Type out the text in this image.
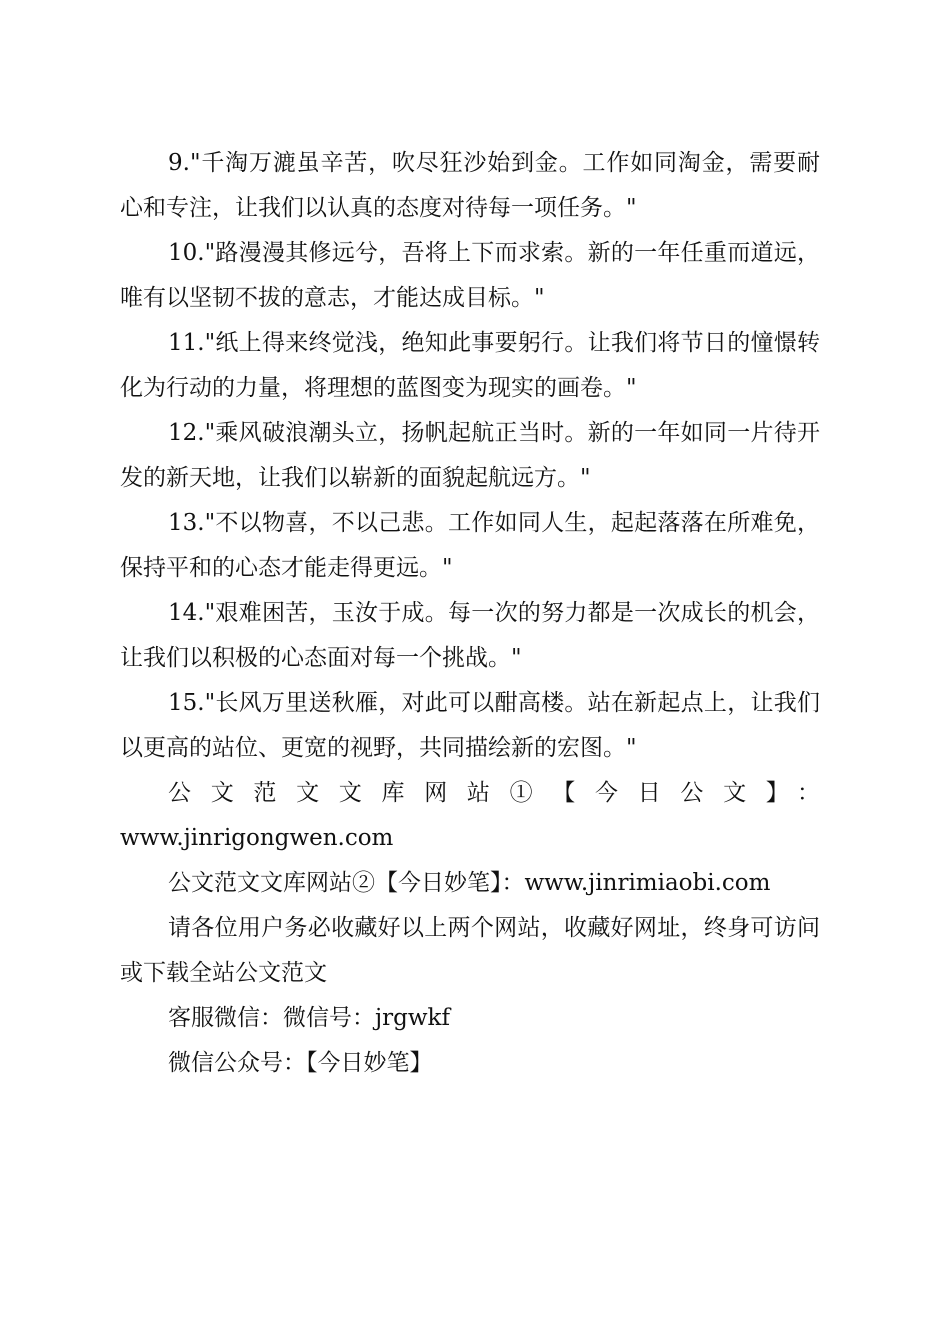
9."千淘万漉虽辛苦，吹尽狂沙始到金。工作如同淘金，需要耐心和专注，让我们以认真的态度对待每一项任务。"

10."路漫漫其修远兮，吾将上下而求索。新的一年任重而道远，唯有以坚韧不拔的意志，才能达成目标。"

11."纸上得来终觉浅，绝知此事要躬行。让我们将节日的憧憬转化为行动的力量，将理想的蓝图变为现实的画卷。"

12."乘风破浪潮头立，扬帆起航正当时。新的一年如同一片待开发的新天地，让我们以崭新的面貌起航远方。"

13."不以物喜，不以己悲。工作如同人生，起起落落在所难免，保持平和的心态才能走得更远。"

14."艰难困苦，玉汝于成。每一次的努力都是一次成长的机会，让我们以积极的心态面对每一个挑战。"

15."长风万里送秋雁，对此可以酣高楼。站在新起点上，让我们以更高的站位、更宽的视野，共同描绘新的宏图。"

公文范文文库网站①【今日公文】：

www.jinrigongwen.com

公文范文文库网站②【今日妙笔】：www.jinrimiaobi.com

请各位用户务必收藏好以上两个网站，收藏好网址，终身可访问或下载全站公文范文

客服微信：微信号：jrgwkf

微信公众号：【今日妙笔】
